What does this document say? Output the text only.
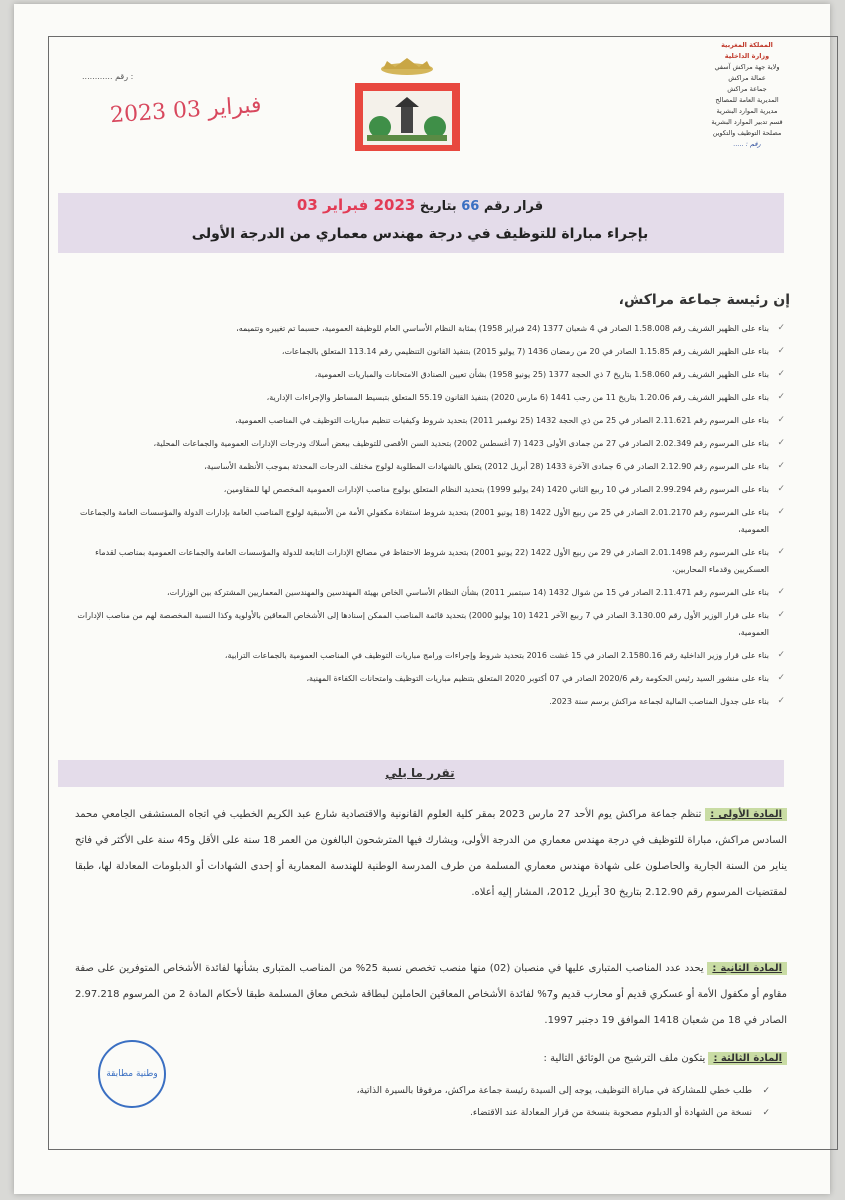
المملكة المغربية
وزارة الداخلية
ولاية جهة مراكش آسفي
عمالة مراكش
جماعة مراكش
المديرية العامة للمصالح
مديرية الموارد البشرية
قسم تدبير الموارد البشرية
مصلحة التوظيف والتكوين
رقم : .....
............ رقم :
2023 فبراير 03
قرار رقم 66 بتاريخ 2023 فبراير 03
بإجراء مباراة للتوظيف في درجة مهندس معماري من الدرجة الأولى
إن رئيسة جماعة مراكش،
✓ بناء على الظهير الشريف رقم 1.58.008 الصادر في 4 شعبان 1377 (24 فبراير 1958) بمثابة النظام الأساسي العام للوظيفة العمومية، حسبما تم تغييره وتتميمه،
✓ بناء على الظهير الشريف رقم 1.15.85 الصادر في 20 من رمضان 1436 (7 يوليو 2015) بتنفيذ القانون التنظيمي رقم 113.14 المتعلق بالجماعات،
✓ بناء على الظهير الشريف رقم 1.58.060 بتاريخ 7 ذي الحجة 1377 (25 يونيو 1958) بشأن تعيين الصنادق الامتحانات والمباريات العمومية،
✓ بناء على الظهير الشريف رقم 1.20.06 بتاريخ 11 من رجب 1441 (6 مارس 2020) بتنفيذ القانون 55.19 المتعلق بتبسيط المساطر والإجراءات الإدارية،
✓ بناء على المرسوم رقم 2.11.621 الصادر في 25 من ذي الحجة 1432 (25 نوفمبر 2011) بتحديد شروط وكيفيات تنظيم مباريات التوظيف في المناصب العمومية،
✓ بناء على المرسوم رقم 2.02.349 الصادر في 27 من جمادى الأولى 1423 (7 أغسطس 2002) بتحديد السن الأقصى للتوظيف ببعض أسلاك ودرجات الإدارات العمومية والجماعات المحلية،
✓ بناء على المرسوم رقم 2.12.90 الصادر في 6 جمادى الآخرة 1433 (28 أبريل 2012) يتعلق بالشهادات المطلوبة لولوج مختلف الدرجات المحدثة بموجب الأنظمة الأساسية،
✓ بناء على المرسوم رقم 2.99.294 الصادر في 10 ربيع الثاني 1420 (24 يوليو 1999) بتحديد النظام المتعلق بولوج مناصب الإدارات العمومية المخصص لها للمقاومين،
✓ بناء على المرسوم رقم 2.01.2170 الصادر في 25 من ربيع الأول 1422 (18 يونيو 2001) بتحديد شروط استفادة مكفولي الأمة من الأسبقية لولوج المناصب العامة بإدارات الدولة والمؤسسات العامة والجماعات العمومية،
✓ بناء على المرسوم رقم 2.01.1498 الصادر في 29 من ربيع الأول 1422 (22 يونيو 2001) بتحديد شروط الاحتفاظ في مصالح الإدارات التابعة للدولة والمؤسسات العامة والجماعات العمومية بمناصب لقدماء العسكريين وقدماء المحاربين،
✓ بناء على المرسوم رقم 2.11.471 الصادر في 15 من شوال 1432 (14 سبتمبر 2011) بشأن النظام الأساسي الخاص بهيئة المهندسين والمهندسين المعماريين المشتركة بين الوزارات،
✓ بناء على قرار الوزير الأول رقم 3.130.00 الصادر في 7 ربيع الآخر 1421 (10 يوليو 2000) بتحديد قائمة المناصب الممكن إسنادها إلى الأشخاص المعاقين بالأولوية وكذا النسبة المخصصة لهم من مناصب الإدارات العمومية،
✓ بناء على قرار وزير الداخلية رقم 2.1580.16 الصادر في 15 غشت 2016 بتحديد شروط وإجراءات ورامج مباريات التوظيف في المناصب العمومية بالجماعات الترابية،
✓ بناء على منشور السيد رئيس الحكومة رقم 2020/6 الصادر في 07 أكتوبر 2020 المتعلق بتنظيم مباريات التوظيف وامتحانات الكفاءة المهنية،
✓ بناء على جدول المناصب المالية لجماعة مراكش برسم سنة 2023.
تقرر ما يلي
المادة الأولى : تنظم جماعة مراكش يوم الأحد 27 مارس 2023 بمقر كلية العلوم القانونية والاقتصادية شارع عبد الكريم الخطيب في اتجاه المستشفى الجامعي محمد السادس مراكش، مباراة للتوظيف في درجة مهندس معماري من الدرجة الأولى، ويشارك فيها المترشحون البالغون من العمر 18 سنة على الأقل و45 سنة على الأكثر في فاتح يناير من السنة الجارية والحاصلون على شهادة مهندس معماري المسلمة من طرف المدرسة الوطنية للهندسة المعمارية أو إحدى الشهادات أو الدبلومات المعادلة لها، طبقا لمقتضيات المرسوم رقم 2.12.90 بتاريخ 30 أبريل 2012، المشار إليه أعلاه.
المادة الثانية : يحدد عدد المناصب المتبارى عليها في منصبان (02) منها منصب تخصص نسبة 25% من المناصب المتبارى بشأنها لفائدة الأشخاص المتوفرين على صفة مقاوم أو مكفول الأمة أو عسكري قديم أو محارب قديم و7% لفائدة الأشخاص المعاقين الحاملين لبطاقة شخص معاق المسلمة طبقا لأحكام المادة 2 من المرسوم 2.97.218 الصادر في 18 من شعبان 1418 الموافق 19 دجنبر 1997.
المادة الثالثة : يتكون ملف الترشيح من الوثائق التالية :
✓ طلب خطي للمشاركة في مباراة التوظيف، يوجه إلى السيدة رئيسة جماعة مراكش، مرفوقا بالسيرة الذاتية،
✓ نسخة من الشهادة أو الدبلوم مصحوبة بنسخة من قرار المعادلة عند الاقتضاء.
وطنية مطابقة
